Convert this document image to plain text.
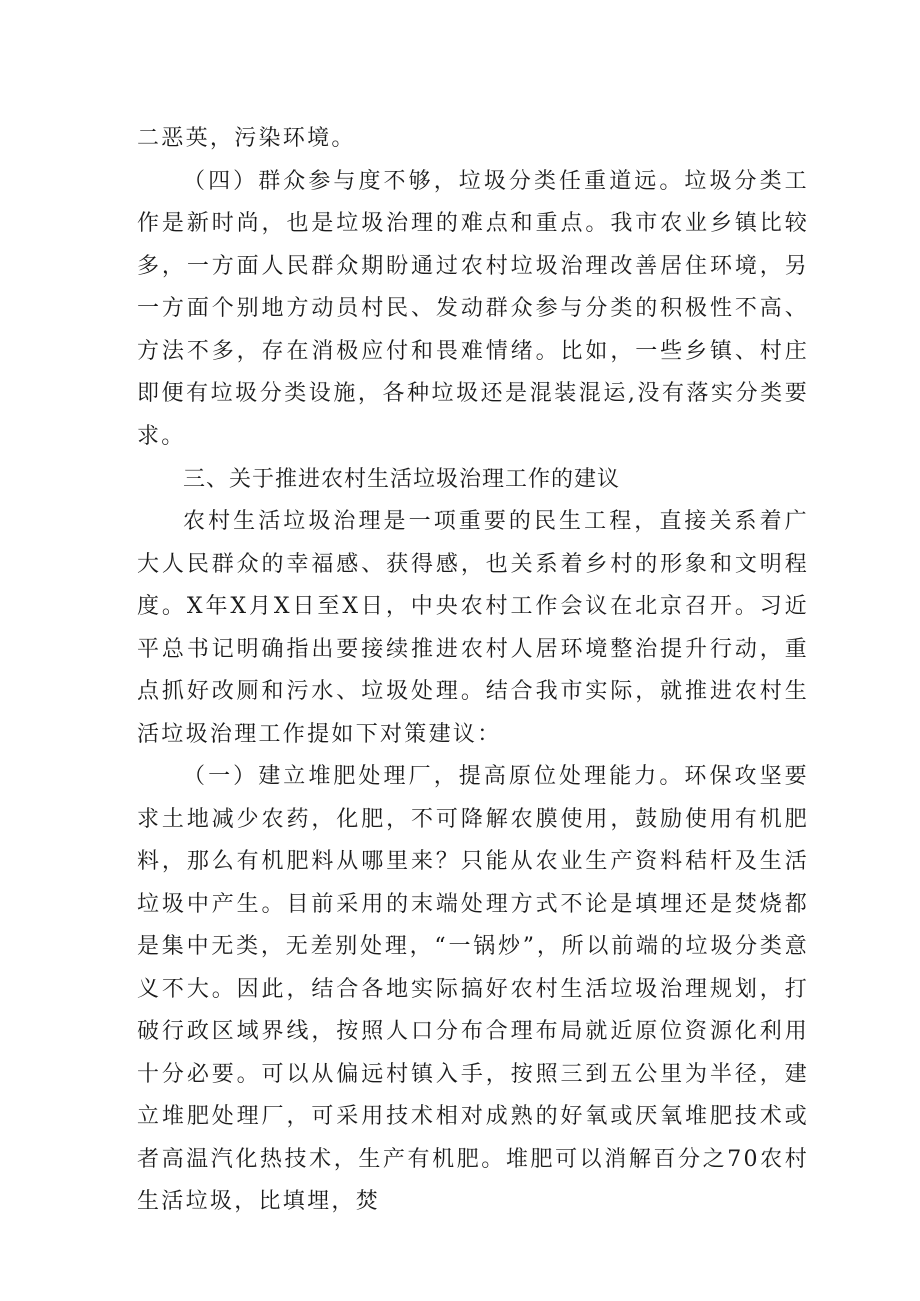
二恶英，污染环境。

（四）群众参与度不够，垃圾分类任重道远。垃圾分类工作是新时尚，也是垃圾治理的难点和重点。我市农业乡镇比较多，一方面人民群众期盼通过农村垃圾治理改善居住环境，另一方面个别地方动员村民、发动群众参与分类的积极性不高、方法不多，存在消极应付和畏难情绪。比如，一些乡镇、村庄即便有垃圾分类设施，各种垃圾还是混装混运,没有落实分类要求。

三、关于推进农村生活垃圾治理工作的建议

农村生活垃圾治理是一项重要的民生工程，直接关系着广大人民群众的幸福感、获得感，也关系着乡村的形象和文明程度。X年X月X日至X日，中央农村工作会议在北京召开。习近平总书记明确指出要接续推进农村人居环境整治提升行动，重点抓好改厕和污水、垃圾处理。结合我市实际，就推进农村生活垃圾治理工作提如下对策建议：

（一）建立堆肥处理厂，提高原位处理能力。环保攻坚要求土地减少农药，化肥，不可降解农膜使用，鼓励使用有机肥料，那么有机肥料从哪里来？只能从农业生产资料秸杆及生活垃圾中产生。目前采用的末端处理方式不论是填埋还是焚烧都是集中无类，无差别处理，“一锅炒”，所以前端的垃圾分类意义不大。因此，结合各地实际搞好农村生活垃圾治理规划，打破行政区域界线，按照人口分布合理布局就近原位资源化利用十分必要。可以从偏远村镇入手，按照三到五公里为半径，建立堆肥处理厂，可采用技术相对成熟的好氧或厌氧堆肥技术或者高温汽化热技术，生产有机肥。堆肥可以消解百分之70农村生活垃圾，比填埋，焚
